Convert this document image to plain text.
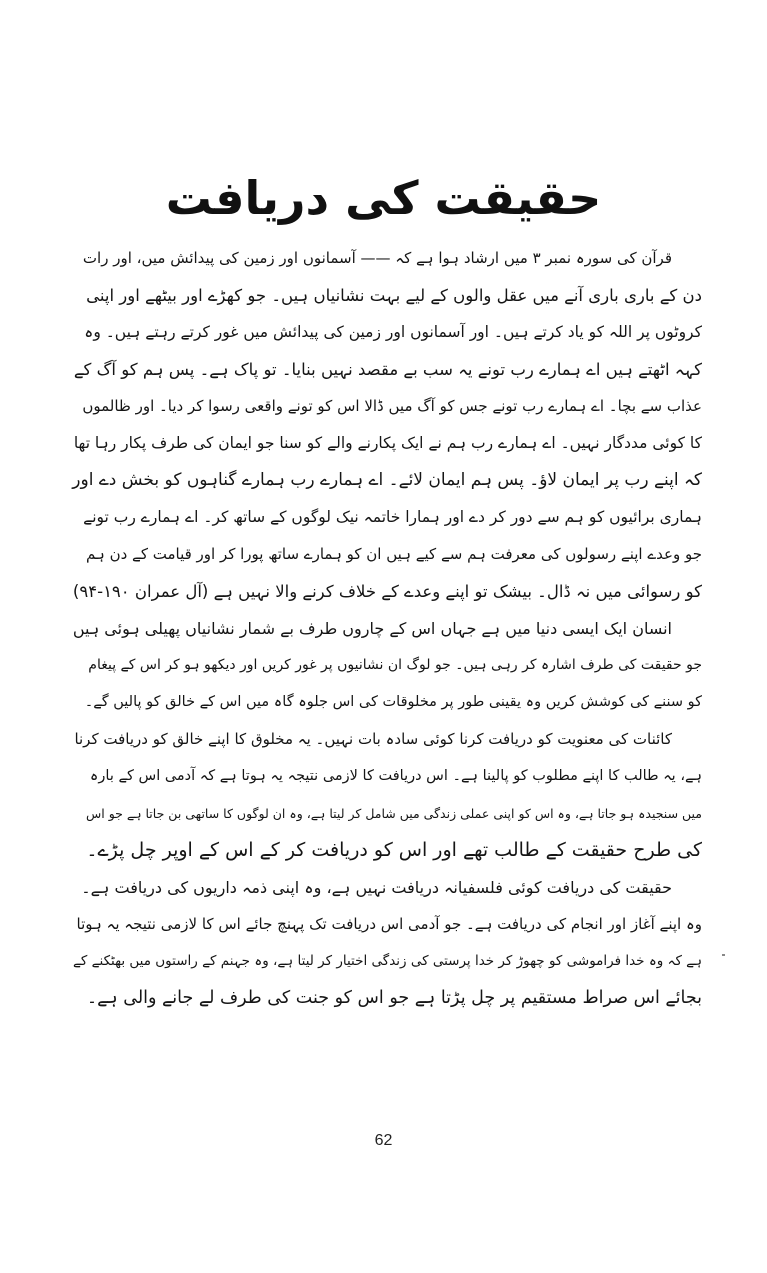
حقیقت کی دریافت
قرآن کی سورہ نمبر ۳ میں ارشاد ہوا ہے کہ —— آسمانوں اور زمین کی پیدائش میں، اور رات
دن کے باری باری آنے میں عقل والوں کے لیے بہت نشانیاں ہیں۔ جو کھڑے اور بیٹھے اور اپنی
کروٹوں پر اللہ کو یاد کرتے ہیں۔ اور آسمانوں اور زمین کی پیدائش میں غور کرتے رہتے ہیں۔ وہ
کہہ اٹھتے ہیں اے ہمارے رب تونے یہ سب بے مقصد نہیں بنایا۔ تو پاک ہے۔ پس ہم کو آگ کے
عذاب سے بچا۔ اے ہمارے رب تونے جس کو آگ میں ڈالا اس کو تونے واقعی رسوا کر دیا۔ اور ظالموں
کا کوئی مددگار نہیں۔ اے ہمارے رب ہم نے ایک پکارنے والے کو سنا جو ایمان کی طرف پکار رہا تھا
کہ اپنے رب پر ایمان لاؤ۔ پس ہم ایمان لائے۔ اے ہمارے رب ہمارے گناہوں کو بخش دے اور
ہماری برائیوں کو ہم سے دور کر دے اور ہمارا خاتمہ نیک لوگوں کے ساتھ کر۔ اے ہمارے رب تونے
جو وعدے اپنے رسولوں کی معرفت ہم سے کیے ہیں ان کو ہمارے ساتھ پورا کر اور قیامت کے دن ہم
کو رسوائی میں نہ ڈال۔ بیشک تو اپنے وعدے کے خلاف کرنے والا نہیں ہے (آل عمران ۱۹۰-۹۴)
انسان ایک ایسی دنیا میں ہے جہاں اس کے چاروں طرف بے شمار نشانیاں پھیلی ہوئی ہیں
جو حقیقت کی طرف اشارہ کر رہی ہیں۔ جو لوگ ان نشانیوں پر غور کریں اور دیکھو ہو کر اس کے پیغام
کو سننے کی کوشش کریں وہ یقینی طور پر مخلوقات کی اس جلوہ گاہ میں اس کے خالق کو پالیں گے۔
کائنات کی معنویت کو دریافت کرنا کوئی سادہ بات نہیں۔ یہ مخلوق کا اپنے خالق کو دریافت کرنا
ہے، یہ طالب کا اپنے مطلوب کو پالینا ہے۔ اس دریافت کا لازمی نتیجہ یہ ہوتا ہے کہ آدمی اس کے بارہ
میں سنجیدہ ہو جاتا ہے، وہ اس کو اپنی عملی زندگی میں شامل کر لیتا ہے، وہ ان لوگوں کا ساتھی بن جاتا ہے جو اس
کی طرح حقیقت کے طالب تھے اور اس کو دریافت کر کے اس کے اوپر چل پڑے۔
حقیقت کی دریافت کوئی فلسفیانہ دریافت نہیں ہے، وہ اپنی ذمہ داریوں کی دریافت ہے۔
وہ اپنے آغاز اور انجام کی دریافت ہے۔ جو آدمی اس دریافت تک پہنچ جائے اس کا لازمی نتیجہ یہ ہوتا
ہے کہ وہ خدا فراموشی کو چھوڑ کر خدا پرستی کی زندگی اختیار کر لیتا ہے، وہ جہنم کے راستوں میں بھٹکنے کے
بجائے اس صراط مستقیم پر چل پڑتا ہے جو اس کو جنت کی طرف لے جانے والی ہے۔
62
